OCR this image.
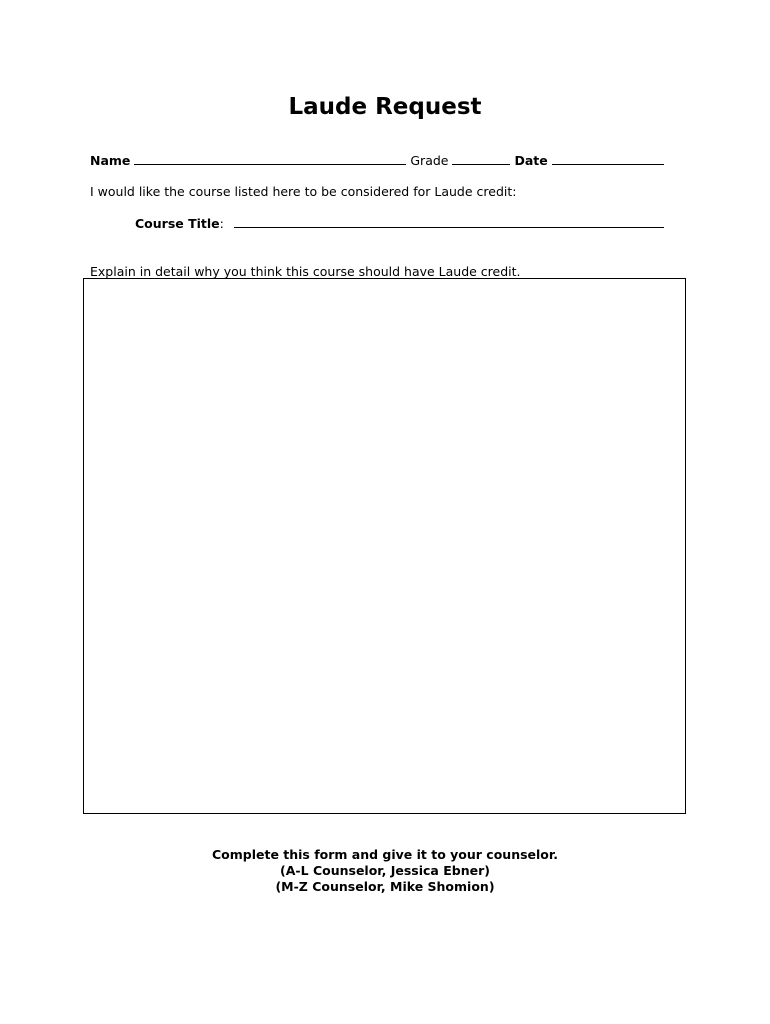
Laude Request
Name	Grade	Date
I would like the course listed here to be considered for Laude credit:
Course Title:
Explain in detail why you think this course should have Laude credit.
Complete this form and give it to your counselor.
(A-L Counselor, Jessica Ebner)
(M-Z Counselor, Mike Shomion)
